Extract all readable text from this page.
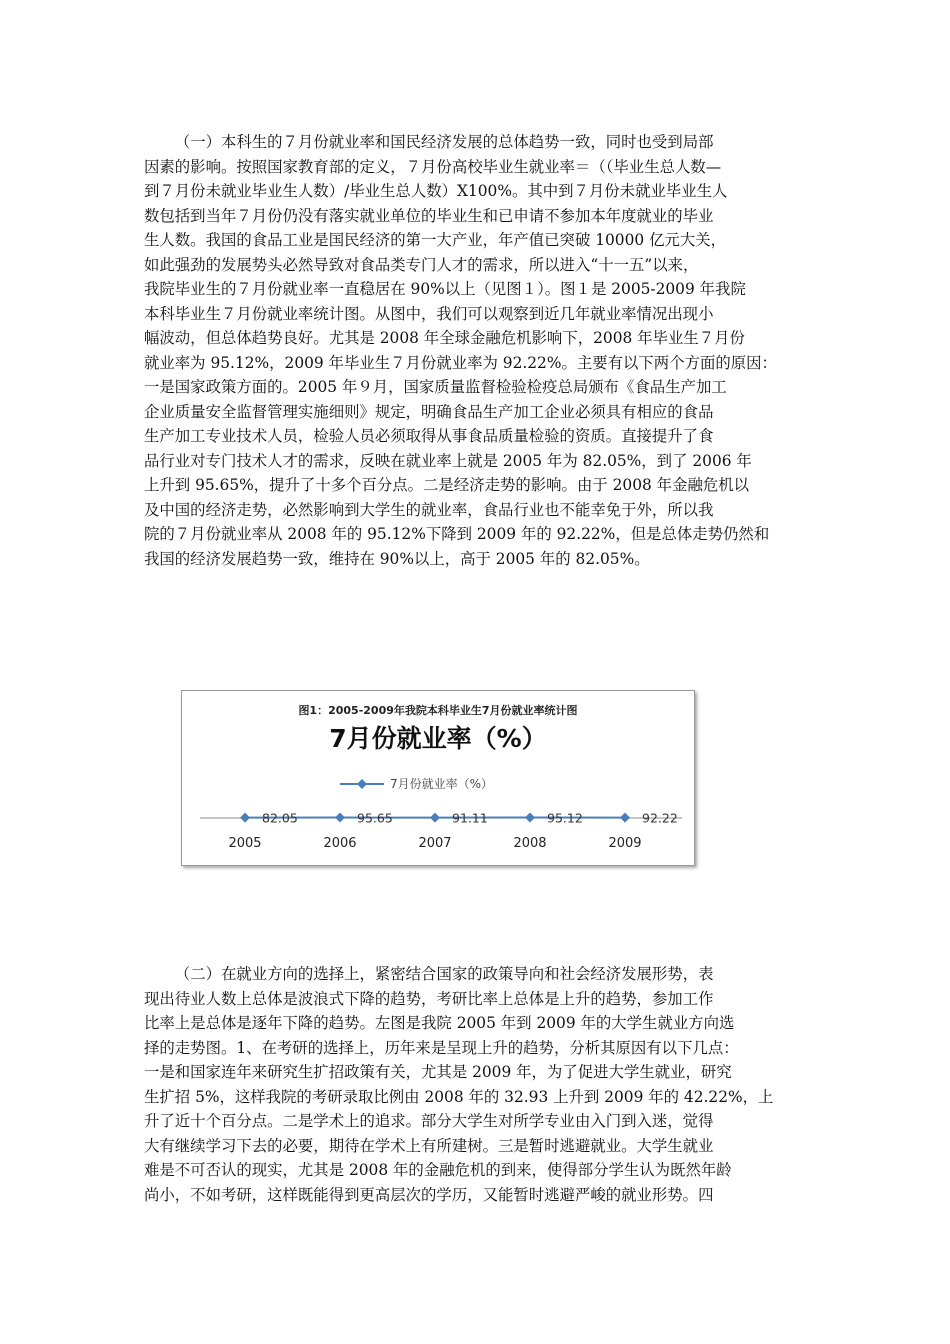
（一）本科生的７月份就业率和国民经济发展的总体趋势一致，同时也受到局部
因素的影响。按照国家教育部的定义，７月份高校毕业生就业率＝（（毕业生总人数—
到７月份未就业毕业生人数）/毕业生总人数）X100%。其中到７月份未就业毕业生人
数包括到当年７月份仍没有落实就业单位的毕业生和已申请不参加本年度就业的毕业
生人数。我国的食品工业是国民经济的第一大产业，年产值已突破 10000 亿元大关，
如此强劲的发展势头必然导致对食品类专门人才的需求，所以进入“十一五”以来，
我院毕业生的７月份就业率一直稳居在 90%以上（见图１）。图１是 2005-2009 年我院
本科毕业生７月份就业率统计图。从图中，我们可以观察到近几年就业率情况出现小
幅波动，但总体趋势良好。尤其是 2008 年全球金融危机影响下，2008 年毕业生７月份
就业率为 95.12%，2009 年毕业生７月份就业率为 92.22%。主要有以下两个方面的原因：
一是国家政策方面的。2005 年９月，国家质量监督检验检疫总局颁布《食品生产加工
企业质量安全监督管理实施细则》规定，明确食品生产加工企业必须具有相应的食品
生产加工专业技术人员，检验人员必须取得从事食品质量检验的资质。直接提升了食
品行业对专门技术人才的需求，反映在就业率上就是 2005 年为 82.05%，到了 2006 年
上升到 95.65%，提升了十多个百分点。二是经济走势的影响。由于 2008 年金融危机以
及中国的经济走势，必然影响到大学生的就业率，食品行业也不能幸免于外，所以我
院的７月份就业率从 2008 年的 95.12%下降到 2009 年的 92.22%，但是总体走势仍然和
我国的经济发展趋势一致，维持在 90%以上，高于 2005 年的 82.05%。
图1：2005-2009年我院本科毕业生7月份就业率统计图
7月份就业率（%）
7月份就业率（%）
82.05
2005
95.65
2006
91.11
2007
95.12
2008
92.22
2009
（二）在就业方向的选择上，紧密结合国家的政策导向和社会经济发展形势，表
现出待业人数上总体是波浪式下降的趋势，考研比率上总体是上升的趋势，参加工作
比率上是总体是逐年下降的趋势。左图是我院 2005 年到 2009 年的大学生就业方向选
择的走势图。1、在考研的选择上，历年来是呈现上升的趋势，分析其原因有以下几点：
一是和国家连年来研究生扩招政策有关，尤其是 2009 年，为了促进大学生就业，研究
生扩招 5%，这样我院的考研录取比例由 2008 年的 32.93 上升到 2009 年的 42.22%，上
升了近十个百分点。二是学术上的追求。部分大学生对所学专业由入门到入迷，觉得
大有继续学习下去的必要，期待在学术上有所建树。三是暂时逃避就业。大学生就业
难是不可否认的现实，尤其是 2008 年的金融危机的到来，使得部分学生认为既然年龄
尚小，不如考研，这样既能得到更高层次的学历，又能暂时逃避严峻的就业形势。四
